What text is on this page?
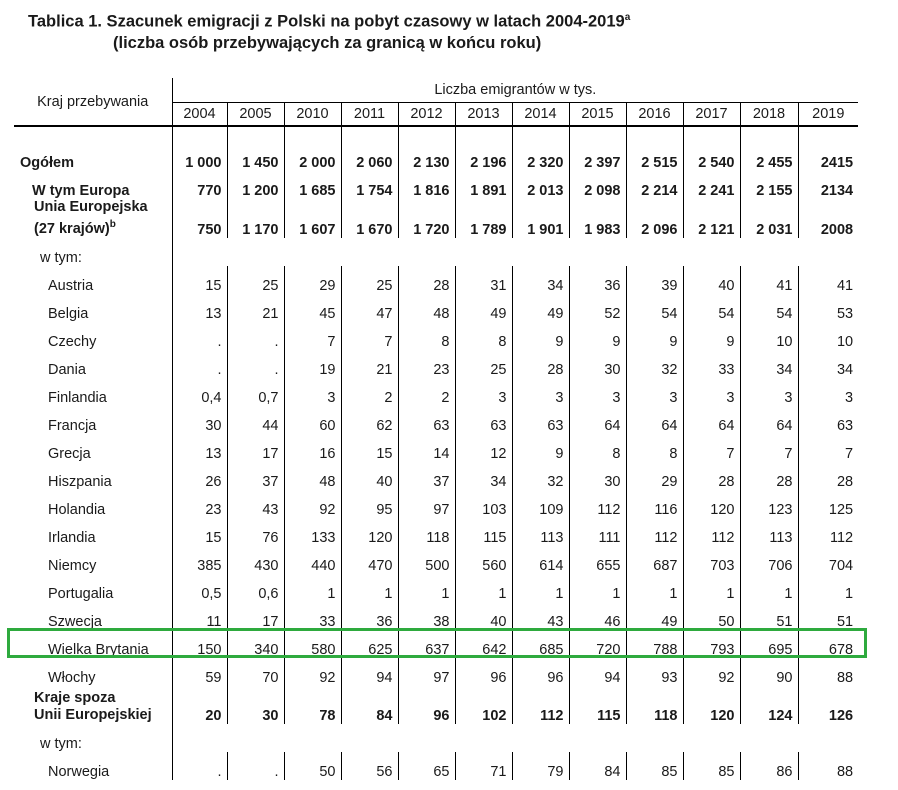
Tablica 1. Szacunek emigracji z Polski na pobyt czasowy w latach 2004-2019$^a$
(liczba osób przebywających za granicą w końcu roku)
Kraj przebywania	Liczba emigrantów w tys.											
	2004	2005	2010	2011	2012	2013	2014	2015	2016	2017	2018	2019

Ogółem	1 000	1 450	2 000	2 060	2 130	2 196	2 320	2 397	2 515	2 540	2 455	2415
W tym Europa	770	1 200	1 685	1 754	1 816	1 891	2 013	2 098	2 214	2 241	2 155	2134
Unia Europejska
(27 krajów)$^b$	750	1 170	1 607	1 670	1 720	1 789	1 901	1 983	2 096	2 121	2 031	2008
w tym:												
Austria	15	25	29	25	28	31	34	36	39	40	41	41
Belgia	13	21	45	47	48	49	49	52	54	54	54	53
Czechy	.	.	7	7	8	8	9	9	9	9	10	10
Dania	.	.	19	21	23	25	28	30	32	33	34	34
Finlandia	0,4	0,7	3	2	2	3	3	3	3	3	3	3
Francja	30	44	60	62	63	63	63	64	64	64	64	63
Grecja	13	17	16	15	14	12	9	8	8	7	7	7
Hiszpania	26	37	48	40	37	34	32	30	29	28	28	28
Holandia	23	43	92	95	97	103	109	112	116	120	123	125
Irlandia	15	76	133	120	118	115	113	111	112	112	113	112
Niemcy	385	430	440	470	500	560	614	655	687	703	706	704
Portugalia	0,5	0,6	1	1	1	1	1	1	1	1	1	1
Szwecja	11	17	33	36	38	40	43	46	49	50	51	51
Wielka Brytania	150	340	580	625	637	642	685	720	788	793	695	678
Włochy	59	70	92	94	97	96	96	94	93	92	90	88
Kraje spoza
Unii Europejskiej	20	30	78	84	96	102	112	115	118	120	124	126
w tym:												
Norwegia	.	.	50	56	65	71	79	84	85	85	86	88
